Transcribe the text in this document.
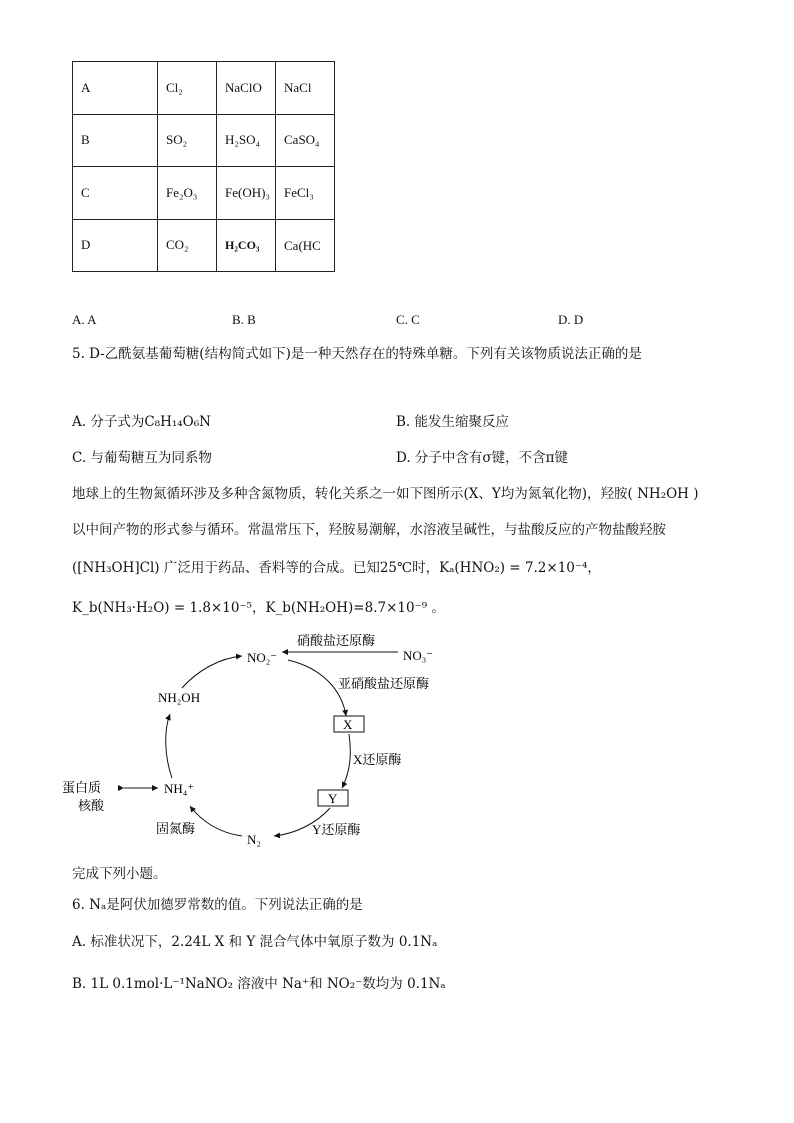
A	Cl₂	NaClO	NaCl
B	SO₂	H₂SO₄	CaSO₄
C	Fe₂O₃	Fe(OH)₃	FeCl₃
D	CO₂	H₂CO₃	Ca(HC
A. A	B. B	C. C	D. D
5. D-乙酰氨基葡萄糖(结构简式如下)是一种天然存在的特殊单糖。下列有关该物质说法正确的是
A. 分子式为C₈H₁₄O₆N	B. 能发生缩聚反应
C. 与葡萄糖互为同系物	D. 分子中含有σ键，不含π键
地球上的生物氮循环涉及多种含氮物质，转化关系之一如下图所示(X、Y均为氮氧化物)，羟胺( NH₂OH )
以中间产物的形式参与循环。常温常压下，羟胺易潮解，水溶液呈碱性，与盐酸反应的产物盐酸羟胺
([NH₃OH]Cl) 广泛用于药品、香料等的合成。已知25℃时，Kₐ(HNO₂) = 7.2×10⁻⁴，
K_b(NH₃·H₂O) = 1.8×10⁻⁵，K_b(NH₂OH)=8.7×10⁻⁹ 。
NO₂⁻	NO₃⁻
硝酸盐还原酶
亚硝酸盐还原酶
X
X还原酶
Y
Y还原酶
N₂
固氮酶
NH₄⁺
蛋白质
核酸
NH₂OH
完成下列小题。
6. Nₐ是阿伏加德罗常数的值。下列说法正确的是
A. 标准状况下，2.24L X 和 Y 混合气体中氧原子数为 0.1Nₐ
B. 1L 0.1mol·L⁻¹NaNO₂ 溶液中 Na⁺和 NO₂⁻数均为 0.1Nₐ
